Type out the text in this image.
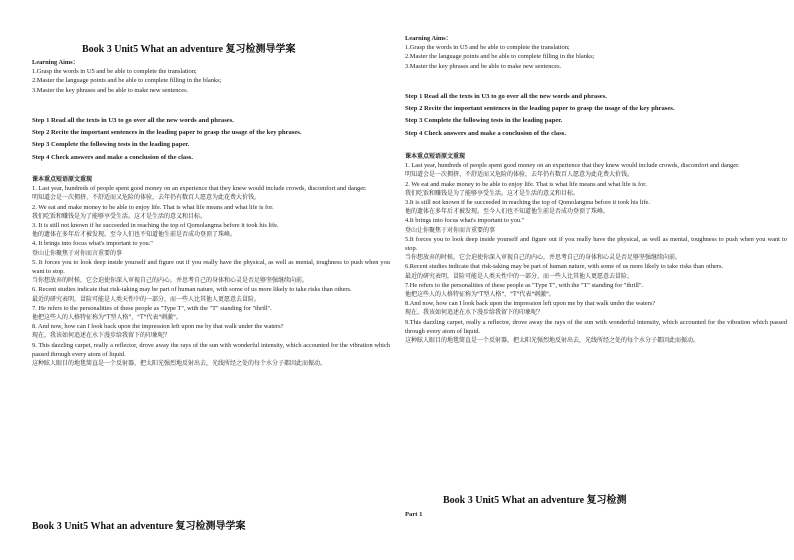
Book 3 Unit5 What an adventure 复习检测导学案
Learning Aims：
1.Grasp the words in U5 and be able to complete the translation;
2.Master the language points and be able to complete filling in the blanks;
3.Master the key phrases and be able to make new sentences.
Step 1 Read all the texts in U3 to go over all the new words and phrases.
Step 2 Recite the important sentences in the leading paper to grasp the usage of the key phrases.
Step 3 Complete the following tests in the leading paper.
Step 4 Check answers and make a conclusion of the class.
课本重点短语原文重现

1. Last year, hundreds of people spent good money on an experience that they knew would include crowds, discomfort and danger.

明知道会是一次拥挤、不舒适而又危险的体验，去年仍有数百人愿意为此花费大价钱。

2. We eat and make money to be able to enjoy life. That is what life means and what life is for.

我们吃饭和赚钱是为了能够享受生活。这才是生活的意义和目标。

3. It is still not known if he succeeded in reaching the top of Qomolangma before it took his life.

他的遗体在多年后才被发现。至今人们也不知道他生前是否成功登顶了珠峰。

4. It brings into focus what's important to you."

登山让你聚焦于对你而言重要的事

5. It forces you to look deep inside yourself and figure out if you really have the physical, as well as mental, toughness to push when you want to stop.

当你想放弃的时候，它会迫使你深入审视自己的内心，并思考自己的身体和心灵是否足够坚强继续向前。

6. Recent studies indicate that risk-taking may be part of human nature, with some of us more likely to take risks than others.

最近的研究表明，冒险可能是人类天性中的一部分，而一些人比其他人更愿意去冒险。

7. He refers to the personalities of these people as "Type T", with the "T" standing for "thrill".

他把这些人的人格特征称为"T型人格"，"T"代表"刺激"。

8. And now, how can I look back upon the impression left upon me by that walk under the waters?

现在，我该如何追述在水下漫步给我留下的印象呢？

9. This dazzling carpet, really a reflector, drove away the rays of the sun with wonderful intensity, which accounted for the vibration which passed through every atom of liquid.

这种眩人眼目的地毯简直是一个反射器，把太阳光强烈地反射出去，光线所经之处的每个水分子都因此而振动。

Book 3 Unit5 What an adventure 复习检测导学案
Learning Aims：
1.Grasp the words in U5 and be able to complete the translation;
2.Master the language points and be able to complete filling in the blanks;
3.Master the key phrases and be able to make new sentences.
Step 1 Read all the texts in U3 to go over all the new words and phrases.
Step 2 Recite the important sentences in the leading paper to grasp the usage of the key phrases.
Step 3 Complete the following tests in the leading paper.
Step 4 Check answers and make a conclusion of the class.
课本重点短语原文重现

1. Last year, hundreds of people spent good money on an experience that they knew would include crowds, discomfort and danger.

明知道会是一次拥挤、不舒适而又危险的体验，去年仍有数百人愿意为此花费大价钱。

2. We eat and make money to be able to enjoy life. That is what life means and what life is for.

我们吃饭和赚钱是为了能够享受生活。这才是生活的意义和目标。

3.It is still not known if he succeeded in reaching the top of Qomolangma before it took his life.

他的遗体在多年后才被发现。至今人们也不知道他生前是否成功登顶了珠峰。

4.It brings into focus what's important to you."

登山让你聚焦于对你而言重要的事

5.It forces you to look deep inside yourself and figure out if you really have the physical, as well as mental, toughness to push when you want to stop.

当你想放弃的时候，它会迫使你深入审视自己的内心，并思考自己的身体和心灵是否足够坚强继续向前。

6.Recent studies indicate that risk-taking may be part of human nature, with some of us more likely to take risks than others.

最近的研究表明，冒险可能是人类天性中的一部分，而一些人比其他人更愿意去冒险。

7.He refers to the personalities of these people as "Type T", with the "T" standing for "thrill".

他把这些人的人格特征称为"T型人格"，"T"代表"刺激"。

8.And now, how can I look back upon the impression left upon me by that walk under the waters?

现在，我该如何追述在水下漫步给我留下的印象呢？

9.This dazzling carpet, really a reflector, drove away the rays of the sun with wonderful intensity, which accounted for the vibration which passed through every atom of liquid.

这种眩人眼目的地毯简直是一个反射器，把太阳光强烈地反射出去，光线所经之处的每个水分子都因此而振动。

Book 3 Unit5 What an adventure 复习检测
Part 1
